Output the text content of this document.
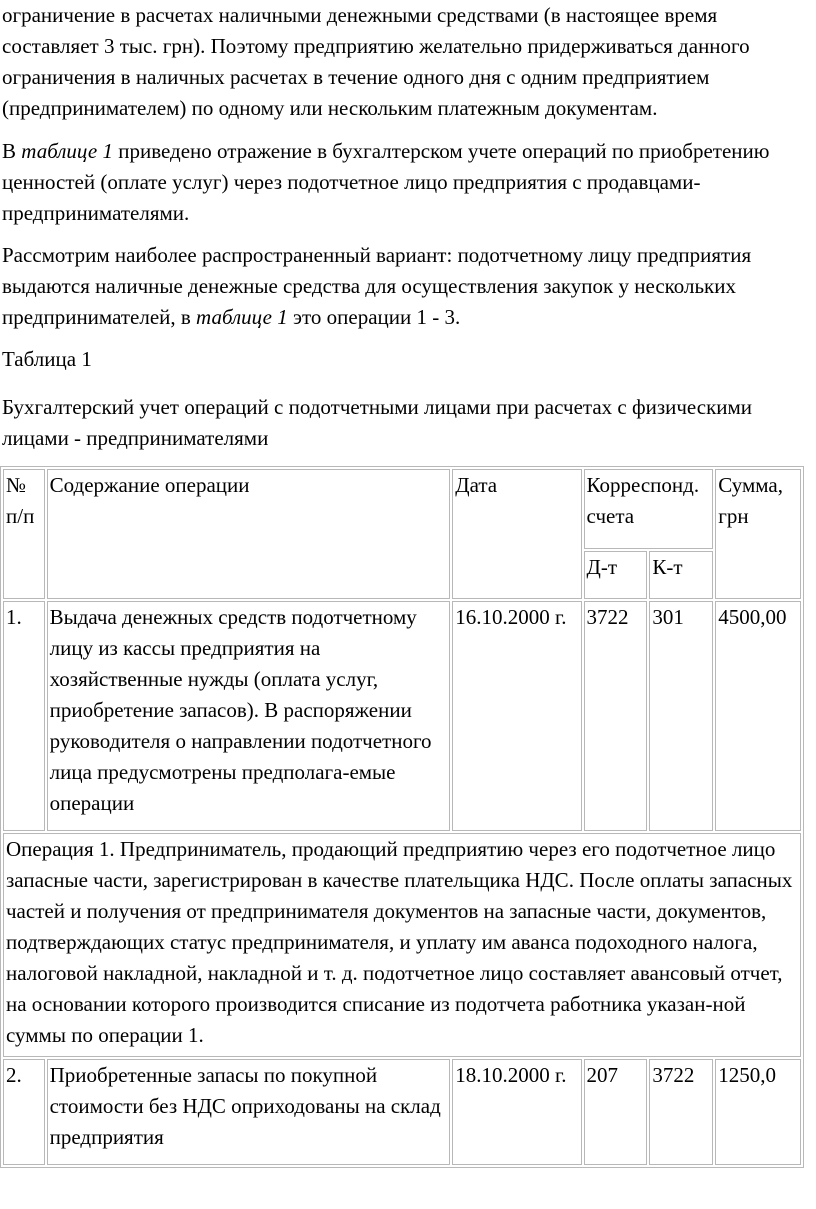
ограничение в расчетах наличными денежными средствами (в настоящее время составляет 3 тыс. грн). Поэтому предприятию желательно придерживаться данного ограничения в наличных расчетах в течение одного дня с одним предприятием (предпринимателем) по одному или нескольким платежным документам.

В таблице 1 приведено отражение в бухгалтерском учете операций по приобретению ценностей (оплате услуг) через подотчетное лицо предприятия с продавцами-предпринимателями.

Рассмотрим наиболее распространенный вариант: подотчетному лицу предприятия выдаются наличные денежные средства для осуществления закупок у нескольких предпринимателей, в таблице 1 это операции 1 - 3.

Таблица 1

Бухгалтерский учет операций с подотчетными лицами при расчетах с физическими лицами - предпринимателями

№ п/п	Содержание операции	Дата	Корреспонд. счета		Сумма, грн
			Д-т	К-т	
1.	Выдача денежных средств подотчетному лицу из кассы предприятия на хозяйственные нужды (оплата услуг, приобретение запасов). В распоряжении руководителя о направлении подотчетного лица предусмотрены предполага-емые операции	16.10.2000 г.	3722	301	4500,00
Операция 1. Предприниматель, продающий предприятию через его подотчетное лицо запасные части, зарегистрирован в качестве плательщика НДС. После оплаты запасных частей и получения от предпринимателя документов на запасные части, документов, подтверждающих статус предпринимателя, и уплату им аванса подоходного налога, налоговой накладной, накладной и т. д. подотчетное лицо составляет авансовый отчет, на основании которого производится списание из подотчета работника указан-ной суммы по операции 1.					
2.	Приобретенные запасы по покупной стоимости без НДС оприходованы на склад предприятия	18.10.2000 г.	207	3722	1250,0
